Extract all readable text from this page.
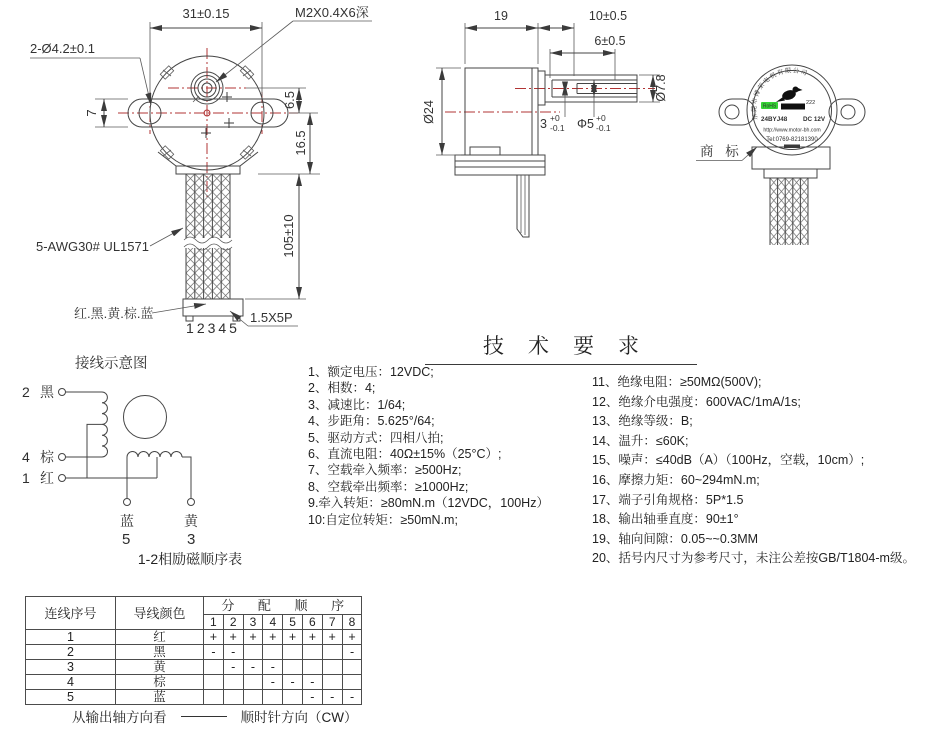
31±0.15	M2X0.4X6深
2-Ø4.2±0.1
7
6.5
16.5
105±10
5-AWG30# UL1571
红.黑.黄.棕.蓝	1.5X5P
12345
19	10±0.5
6±0.5
Ø24
Ø7.8
3 +0
-0.1 Φ5 +0
-0.1
东莞市博荣电机有限公司
222
RoHS
24BYJ48 DC 12V
http://www.motor-bh.com
Tel:0769-82181390
商 标
接线示意图
2 黑
4 棕
1 红
蓝
5
黄
3
技术要求
1、额定电压：12VDC;
2、相数：4;
3、减速比：1/64;
4、步距角：5.625°/64;
5、驱动方式：四相八拍;
6、直流电阻：40Ω±15%（25°C）;
7、空载牵入频率：≥500Hz;
8、空载牵出频率：≥1000Hz;
9.牵入转矩：≥80mN.m（12VDC，100Hz）
10:自定位转矩：≥50mN.m;
11、绝缘电阻：≥50MΩ(500V);
12、绝缘介电强度：600VAC/1mA/1s;
13、绝缘等级：B;
14、温升：≤60K;
15、噪声：≤40dB（A）（100Hz，空载，10cm）;
16、摩擦力矩：60~294mN.m;
17、端子引角规格：5P*1.5
18、输出轴垂直度：90±1°
19、轴向间隙：0.05~~0.3MM
20、括号内尺寸为参考尺寸，未注公差按GB/T1804-m级。
1-2相励磁顺序表
连线序号	导线颜色	分 配 顺 序							
		1	2	3	4	5	6	7	8
1	红	+	+	+	+	+	+	+	+
2	黑	-	-						-
3	黄		-	-	-				
4	棕				-	-	-		
5	蓝						-	-	-
从输出轴方向看	顺时针方向（CW）
